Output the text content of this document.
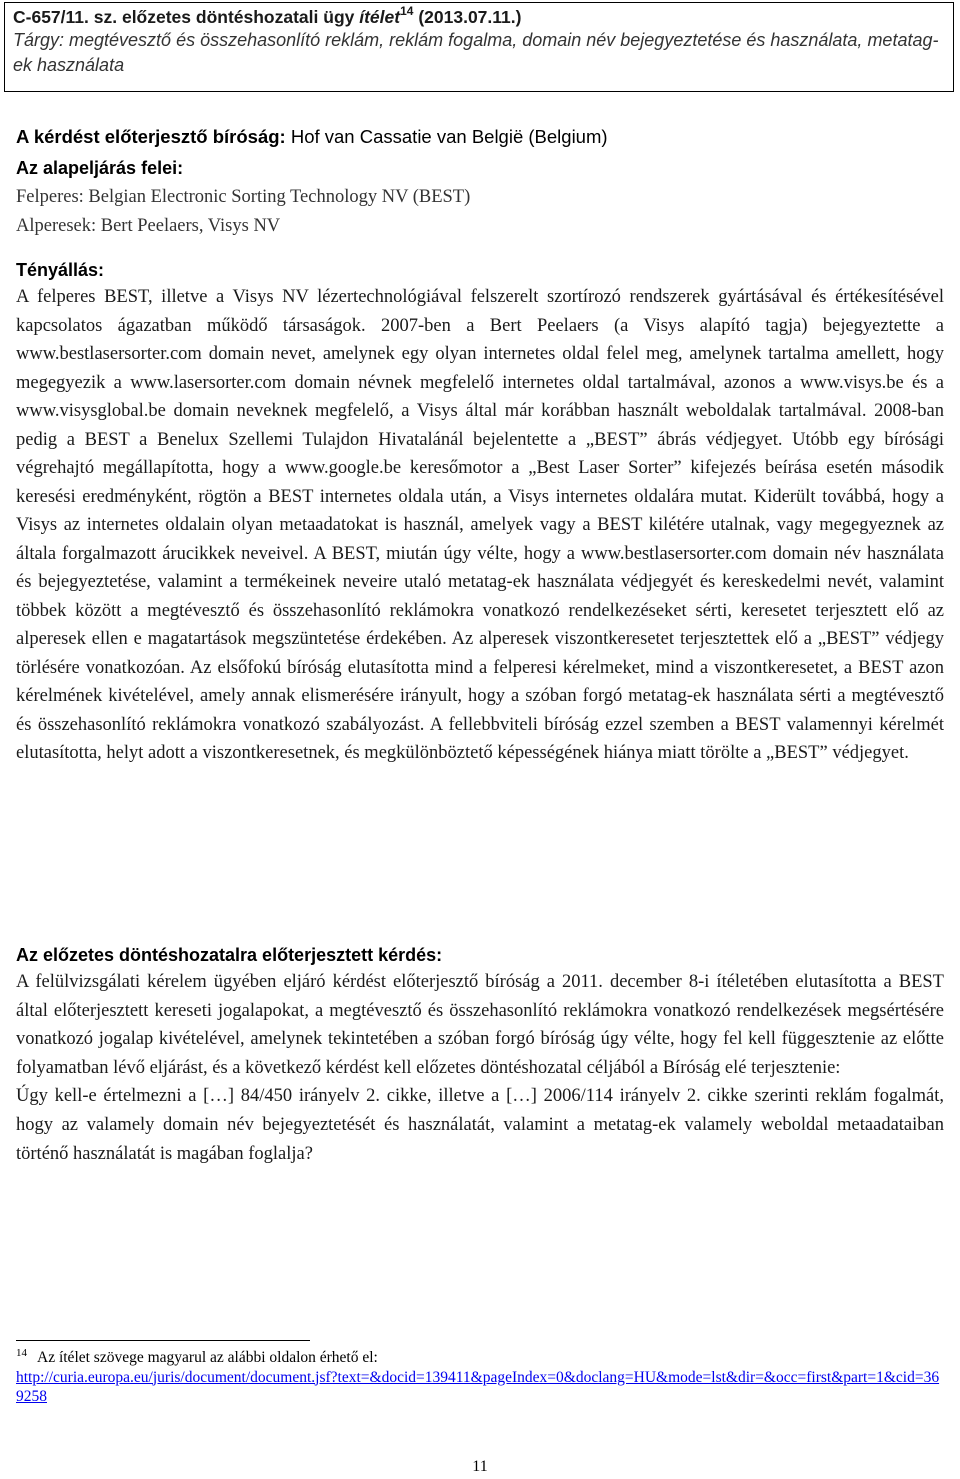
C-657/11. sz. előzetes döntéshozatali ügy ítélet$^{14}$ (2013.07.11.)
Tárgy: megtévesztő és összehasonlító reklám, reklám fogalma, domain név bejegyeztetése és használata, metatag-ek használata
A kérdést előterjesztő bíróság: Hof van Cassatie van België (Belgium)
Az alapeljárás felei:
Felperes: Belgian Electronic Sorting Technology NV (BEST)
Alperesek: Bert Peelaers, Visys NV
Tényállás:

A felperes BEST, illetve a Visys NV lézertechnológiával felszerelt szortírozó rendszerek gyártásával és értékesítésével kapcsolatos ágazatban működő társaságok. 2007-ben a Bert Peelaers (a Visys alapító tagja) bejegyeztette a www.bestlasersorter.com domain nevet, amelynek egy olyan internetes oldal felel meg, amelynek tartalma amellett, hogy megegyezik a www.lasersorter.com domain névnek megfelelő internetes oldal tartalmával, azonos a www.visys.be és a www.visysglobal.be domain neveknek megfelelő, a Visys által már korábban használt weboldalak tartalmával. 2008-ban pedig a BEST a Benelux Szellemi Tulajdon Hivatalánál bejelentette a „BEST” ábrás védjegyet. Utóbb egy bírósági végrehajtó megállapította, hogy a www.google.be keresőmotor a „Best Laser Sorter” kifejezés beírása esetén második keresési eredményként, rögtön a BEST internetes oldala után, a Visys internetes oldalára mutat. Kiderült továbbá, hogy a Visys az internetes oldalain olyan metaadatokat is használ, amelyek vagy a BEST kilétére utalnak, vagy megegyeznek az általa forgalmazott árucikkek neveivel. A BEST, miután úgy vélte, hogy a www.bestlasersorter.com domain név használata és bejegyeztetése, valamint a termékeinek neveire utaló metatag-ek használata védjegyét és kereskedelmi nevét, valamint többek között a megtévesztő és összehasonlító reklámokra vonatkozó rendelkezéseket sérti, keresetet terjesztett elő az alperesek ellen e magatartások megszüntetése érdekében. Az alperesek viszontkeresetet terjesztettek elő a „BEST” védjegy törlésére vonatkozóan. Az elsőfokú bíróság elutasította mind a felperesi kérelmeket, mind a viszontkeresetet, a BEST azon kérelmének kivételével, amely annak elismerésére irányult, hogy a szóban forgó metatag-ek használata sérti a megtévesztő és összehasonlító reklámokra vonatkozó szabályozást. A fellebbviteli bíróság ezzel szemben a BEST valamennyi kérelmét elutasította, helyt adott a viszontkeresetnek, és megkülönböztető képességének hiánya miatt törölte a „BEST” védjegyet.

Az előzetes döntéshozatalra előterjesztett kérdés:
A felülvizsgálati kérelem ügyében eljáró kérdést előterjesztő bíróság a 2011. december 8-i ítéletében elutasította a BEST által előterjesztett kereseti jogalapokat, a megtévesztő és összehasonlító reklámokra vonatkozó rendelkezések megsértésére vonatkozó jogalap kivételével, amelynek tekintetében a szóban forgó bíróság úgy vélte, hogy fel kell függesztenie az előtte folyamatban lévő eljárást, és a következő kérdést kell előzetes döntéshozatal céljából a Bíróság elé terjesztenie:
Úgy kell-e értelmezni a […] 84/450 irányelv 2. cikke, illetve a […] 2006/114 irányelv 2. cikke szerinti reklám fogalmát, hogy az valamely domain név bejegyeztetését és használatát, valamint a metatag-ek valamely weboldal metaadataiban történő használatát is magában foglalja?
$^{14}$ Az ítélet szövege magyarul az alábbi oldalon érhető el:
http://curia.europa.eu/juris/document/document.jsf?text=&docid=139411&pageIndex=0&doclang=HU&mode=lst&dir=&occ=first&part=1&cid=369258
11
